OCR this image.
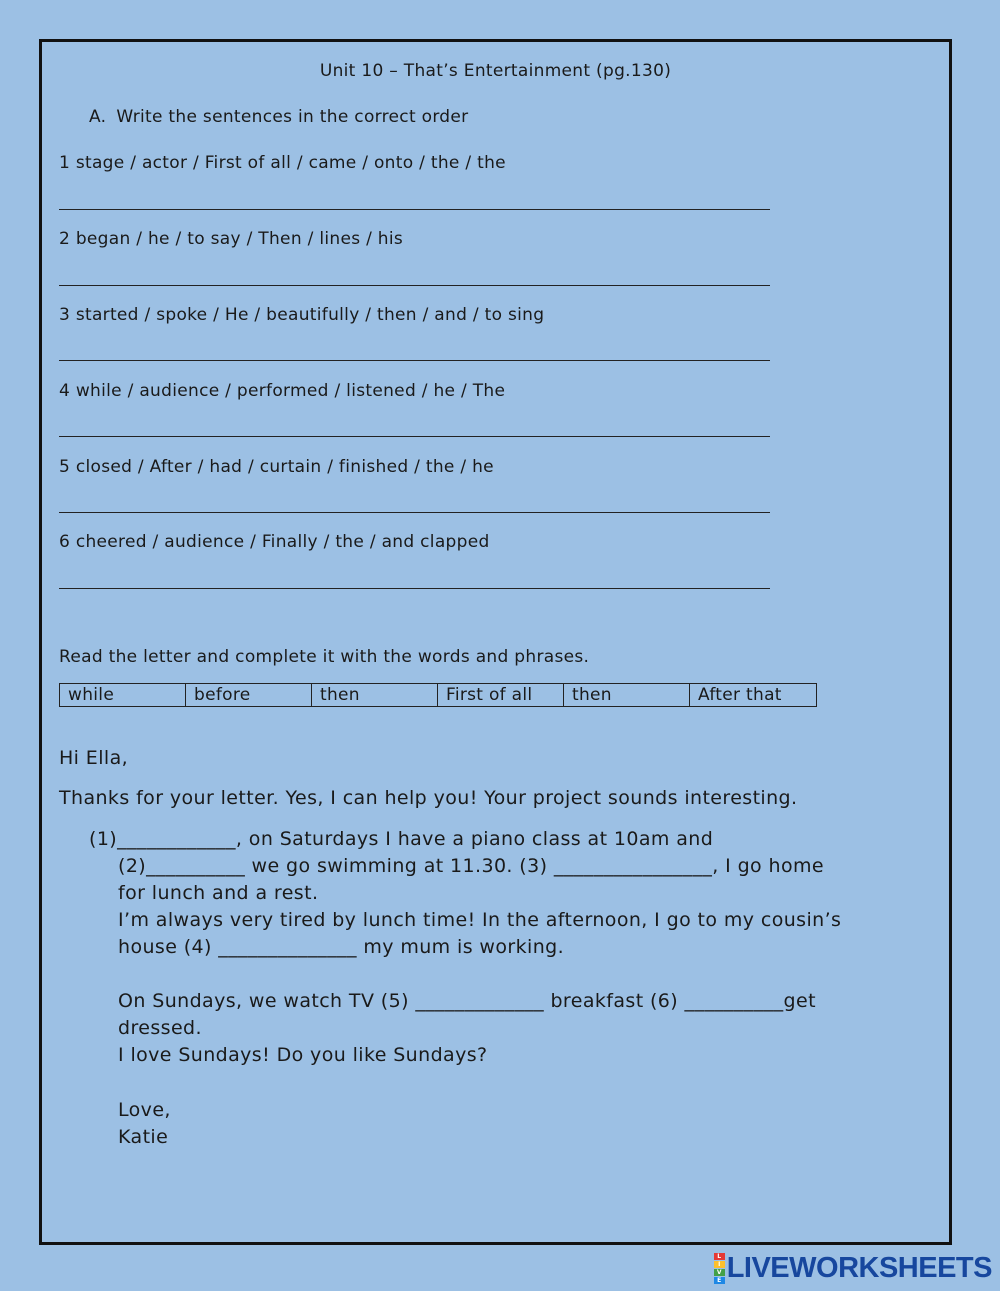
Unit 10 – That’s Entertainment (pg.130)
A. Write the sentences in the correct order
1 stage / actor / First of all / came / onto / the / the
2 began / he / to say / Then / lines / his
3 started / spoke / He / beautifully / then / and / to sing
4 while / audience / performed / listened / he / The
5 closed / After / had / curtain / finished / the / he
6 cheered / audience / Finally / the / and clapped
Read the letter and complete it with the words and phrases.
while	before	then	First of all	then	After that
Hi Ella,
Thanks for your letter. Yes, I can help you! Your project sounds interesting.
(1)____________, on Saturdays I have a piano class at 10am and
(2)__________ we go swimming at 11.30. (3) ________________, I go home
for lunch and a rest.
I’m always very tired by lunch time! In the afternoon, I go to my cousin’s
house (4) ______________ my mum is working.
On Sundays, we watch TV (5) _____________ breakfast (6) __________get
dressed.
I love Sundays! Do you like Sundays?
Love,
Katie
L
I
V
E LIVEWORKSHEETS
